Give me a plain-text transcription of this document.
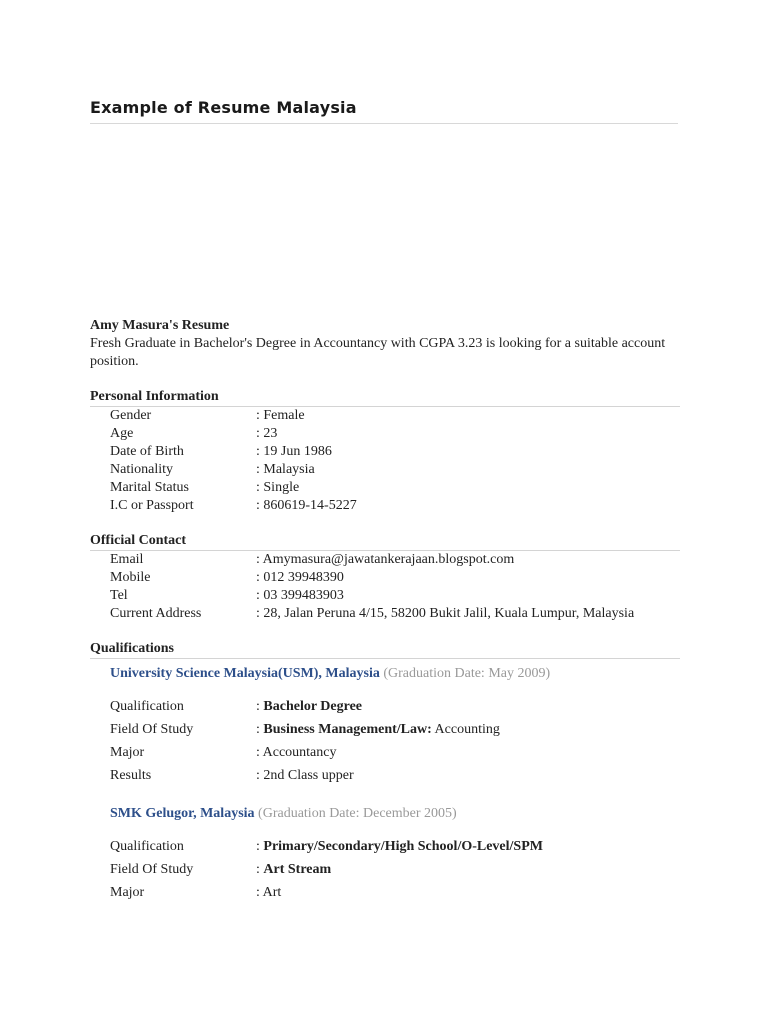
Example of Resume Malaysia
Amy Masura's Resume

Fresh Graduate in Bachelor's Degree in Accountancy with CGPA 3.23 is looking for a suitable account position.

Personal Information
Gender	: Female
Age	: 23
Date of Birth	: 19 Jun 1986
Nationality	: Malaysia
Marital Status	: Single
I.C or Passport	: 860619-14-5227
Official Contact
Email	: Amymasura@jawatankerajaan.blogspot.com
Mobile	: 012 39948390
Tel	: 03 399483903
Current Address	: 28, Jalan Peruna 4/15, 58200 Bukit Jalil, Kuala Lumpur, Malaysia
Qualifications
University Science Malaysia(USM), Malaysia (Graduation Date: May 2009)
Qualification	: Bachelor Degree
Field Of Study	: Business Management/Law: Accounting
Major	: Accountancy
Results	: 2nd Class upper
SMK Gelugor, Malaysia (Graduation Date: December 2005)
Qualification	: Primary/Secondary/High School/O-Level/SPM
Field Of Study	: Art Stream
Major	: Art
